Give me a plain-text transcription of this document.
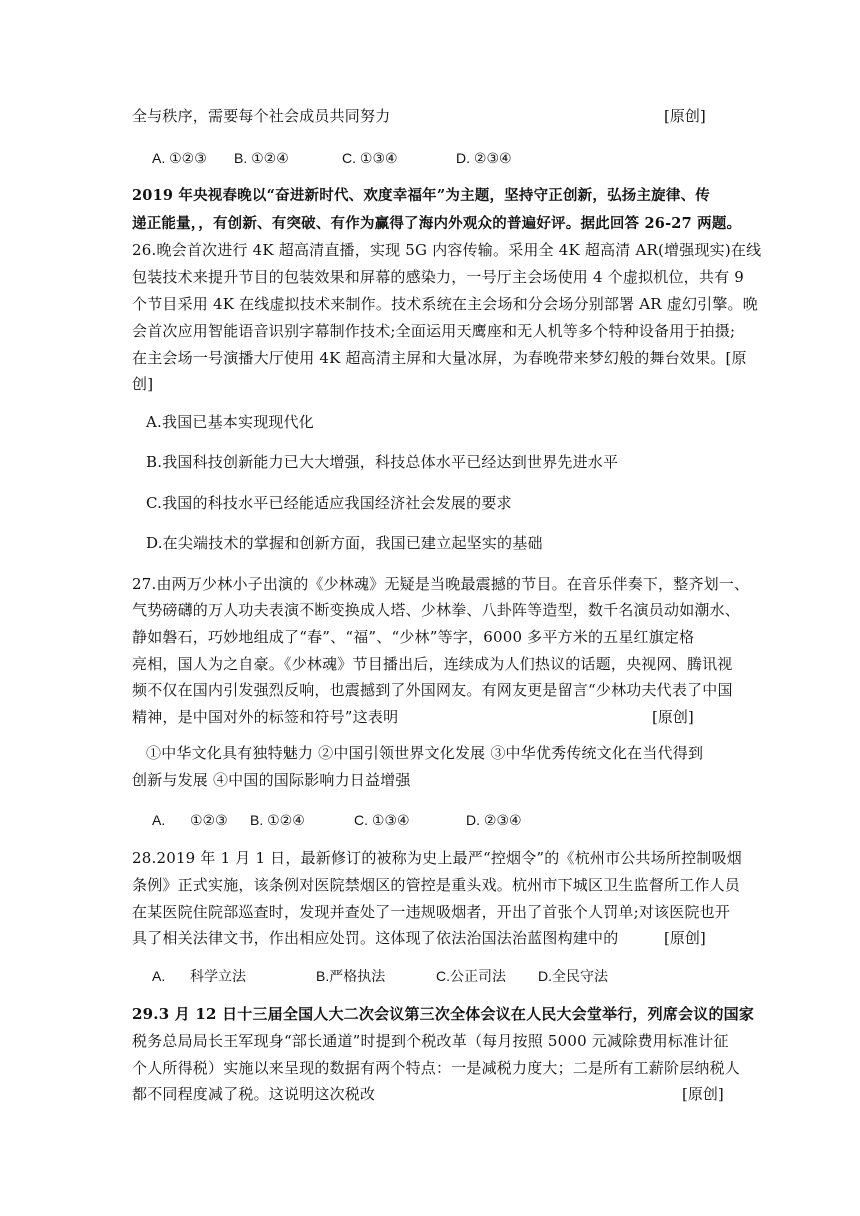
全与秩序，需要每个社会成员共同努力	[原创]
A. ①②③ B. ①②④	C. ①③④	D. ②③④
2019 年央视春晚以“奋进新时代、欢度幸福年”为主题，坚持守正创新，弘扬主旋律、传
递正能量，，有创新、有突破、有作为赢得了海内外观众的普遍好评。据此回答 26-27 两题。
26.晚会首次进行 4K 超高清直播，实现 5G 内容传输。采用全 4K 超高清 AR(增强现实)在线
包装技术来提升节目的包装效果和屏幕的感染力，一号厅主会场使用 4 个虚拟机位，共有 9
个节目采用 4K 在线虚拟技术来制作。技术系统在主会场和分会场分别部署 AR 虚幻引擎。晚
会首次应用智能语音识别字幕制作技术;全面运用天鹰座和无人机等多个特种设备用于拍摄;
在主会场一号演播大厅使用 4K 超高清主屏和大量冰屏，为春晚带来梦幻般的舞台效果。[原
创]
A.我国已基本实现现代化
B.我国科技创新能力已大大增强，科技总体水平已经达到世界先进水平
C.我国的科技水平已经能适应我国经济社会发展的要求
D.在尖端技术的掌握和创新方面，我国已建立起坚实的基础
27.由两万少林小子出演的《少林魂》无疑是当晚最震撼的节目。在音乐伴奏下，整齐划一、
气势磅礴的万人功夫表演不断变换成人塔、少林拳、八卦阵等造型，数千名演员动如潮水、
静如磐石，巧妙地组成了“春”、“福”、“少林”等字，6000 多平方米的五星红旗定格
亮相，国人为之自豪。《少林魂》节目播出后，连续成为人们热议的话题，央视网、腾讯视
频不仅在国内引发强烈反响，也震撼到了外国网友。有网友更是留言“少林功夫代表了中国
精神，是中国对外的标签和符号”这表明	[原创]
①中华文化具有独特魅力 ②中国引领世界文化发展 ③中华优秀传统文化在当代得到
创新与发展 ④中国的国际影响力日益增强
A. ①②③ B. ①②④	C. ①③④	D. ②③④
28.2019 年 1 月 1 日，最新修订的被称为史上最严“控烟令”的《杭州市公共场所控制吸烟
条例》正式实施，该条例对医院禁烟区的管控是重头戏。杭州市下城区卫生监督所工作人员
在某医院住院部巡查时，发现并查处了一违规吸烟者，开出了首张个人罚单;对该医院也开
具了相关法律文书，作出相应处罚。这体现了依法治国法治蓝图构建中的	[原创]
A. 科学立法	B.严格执法	C.公正司法 D.全民守法
29.3 月 12 日十三届全国人大二次会议第三次全体会议在人民大会堂举行，列席会议的国家
税务总局局长王军现身“部长通道”时提到个税改革（每月按照 5000 元减除费用标准计征
个人所得税）实施以来呈现的数据有两个特点：一是减税力度大；二是所有工薪阶层纳税人
都不同程度减了税。这说明这次税改	[原创]
